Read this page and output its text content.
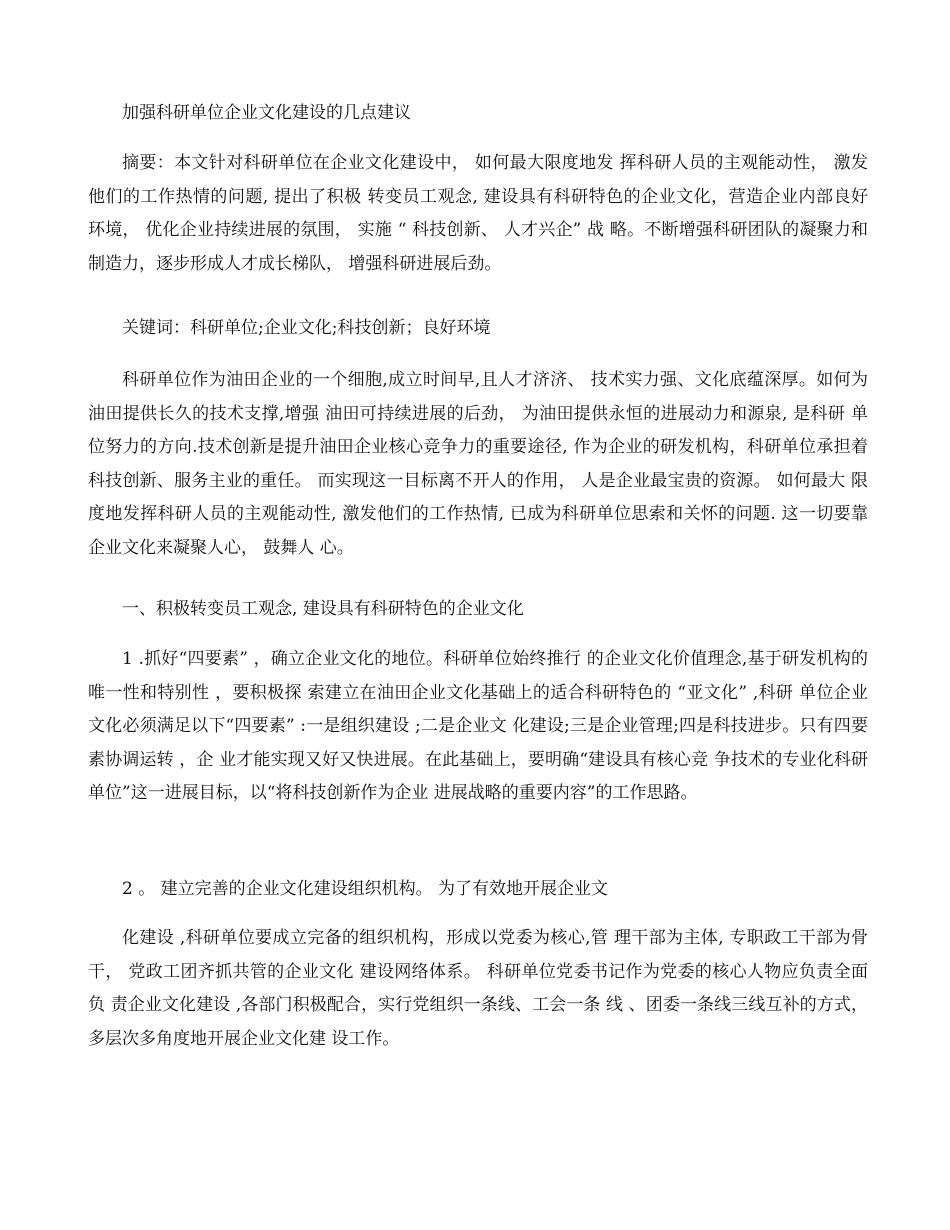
加强科研单位企业文化建设的几点建议

摘要：本文针对科研单位在企业文化建设中， 如何最大限度地发 挥科研人员的主观能动性， 激发他们的工作热情的问题, 提出了积极 转变员工观念, 建设具有科研特色的企业文化，营造企业内部良好 环境， 优化企业持续进展的氛围， 实施 “ 科技创新、 人才兴企” 战 略。不断增强科研团队的凝聚力和制造力，逐步形成人才成长梯队， 增强科研进展后劲。

关键词：科研单位;企业文化;科技创新；良好环境

科研单位作为油田企业的一个细胞,成立时间早,且人才济济、 技术实力强、文化底蕴深厚。如何为油田提供长久的技术支撑,增强 油田可持续进展的后劲， 为油田提供永恒的进展动力和源泉, 是科研 单位努力的方向.技术创新是提升油田企业核心竞争力的重要途径, 作为企业的研发机构，科研单位承担着科技创新、服务主业的重任。 而实现这一目标离不开人的作用， 人是企业最宝贵的资源。 如何最大 限度地发挥科研人员的主观能动性, 激发他们的工作热情, 已成为科研单位思索和关怀的问题. 这一切要靠企业文化来凝聚人心， 鼓舞人 心。

一、积极转变员工观念, 建设具有科研特色的企业文化

1 .抓好“四要素” ，确立企业文化的地位。科研单位始终推行 的企业文化价值理念,基于研发机构的唯一性和特别性 ，要积极探 索建立在油田企业文化基础上的适合科研特色的 “亚文化” ,科研 单位企业文化必须满足以下“四要素” :一是组织建设 ;二是企业文 化建设;三是企业管理;四是科技进步。只有四要素协调运转 ，企 业才能实现又好又快进展。在此基础上，要明确“建设具有核心竞 争技术的专业化科研单位”这一进展目标，以“将科技创新作为企业 进展战略的重要内容”的工作思路。

2 。 建立完善的企业文化建设组织机构。 为了有效地开展企业文

化建设 ,科研单位要成立完备的组织机构，形成以党委为核心,管 理干部为主体, 专职政工干部为骨干， 党政工团齐抓共管的企业文化 建设网络体系。 科研单位党委书记作为党委的核心人物应负责全面负 责企业文化建设 ,各部门积极配合，实行党组织一条线、工会一条 线 、团委一条线三线互补的方式，多层次多角度地开展企业文化建 设工作。
